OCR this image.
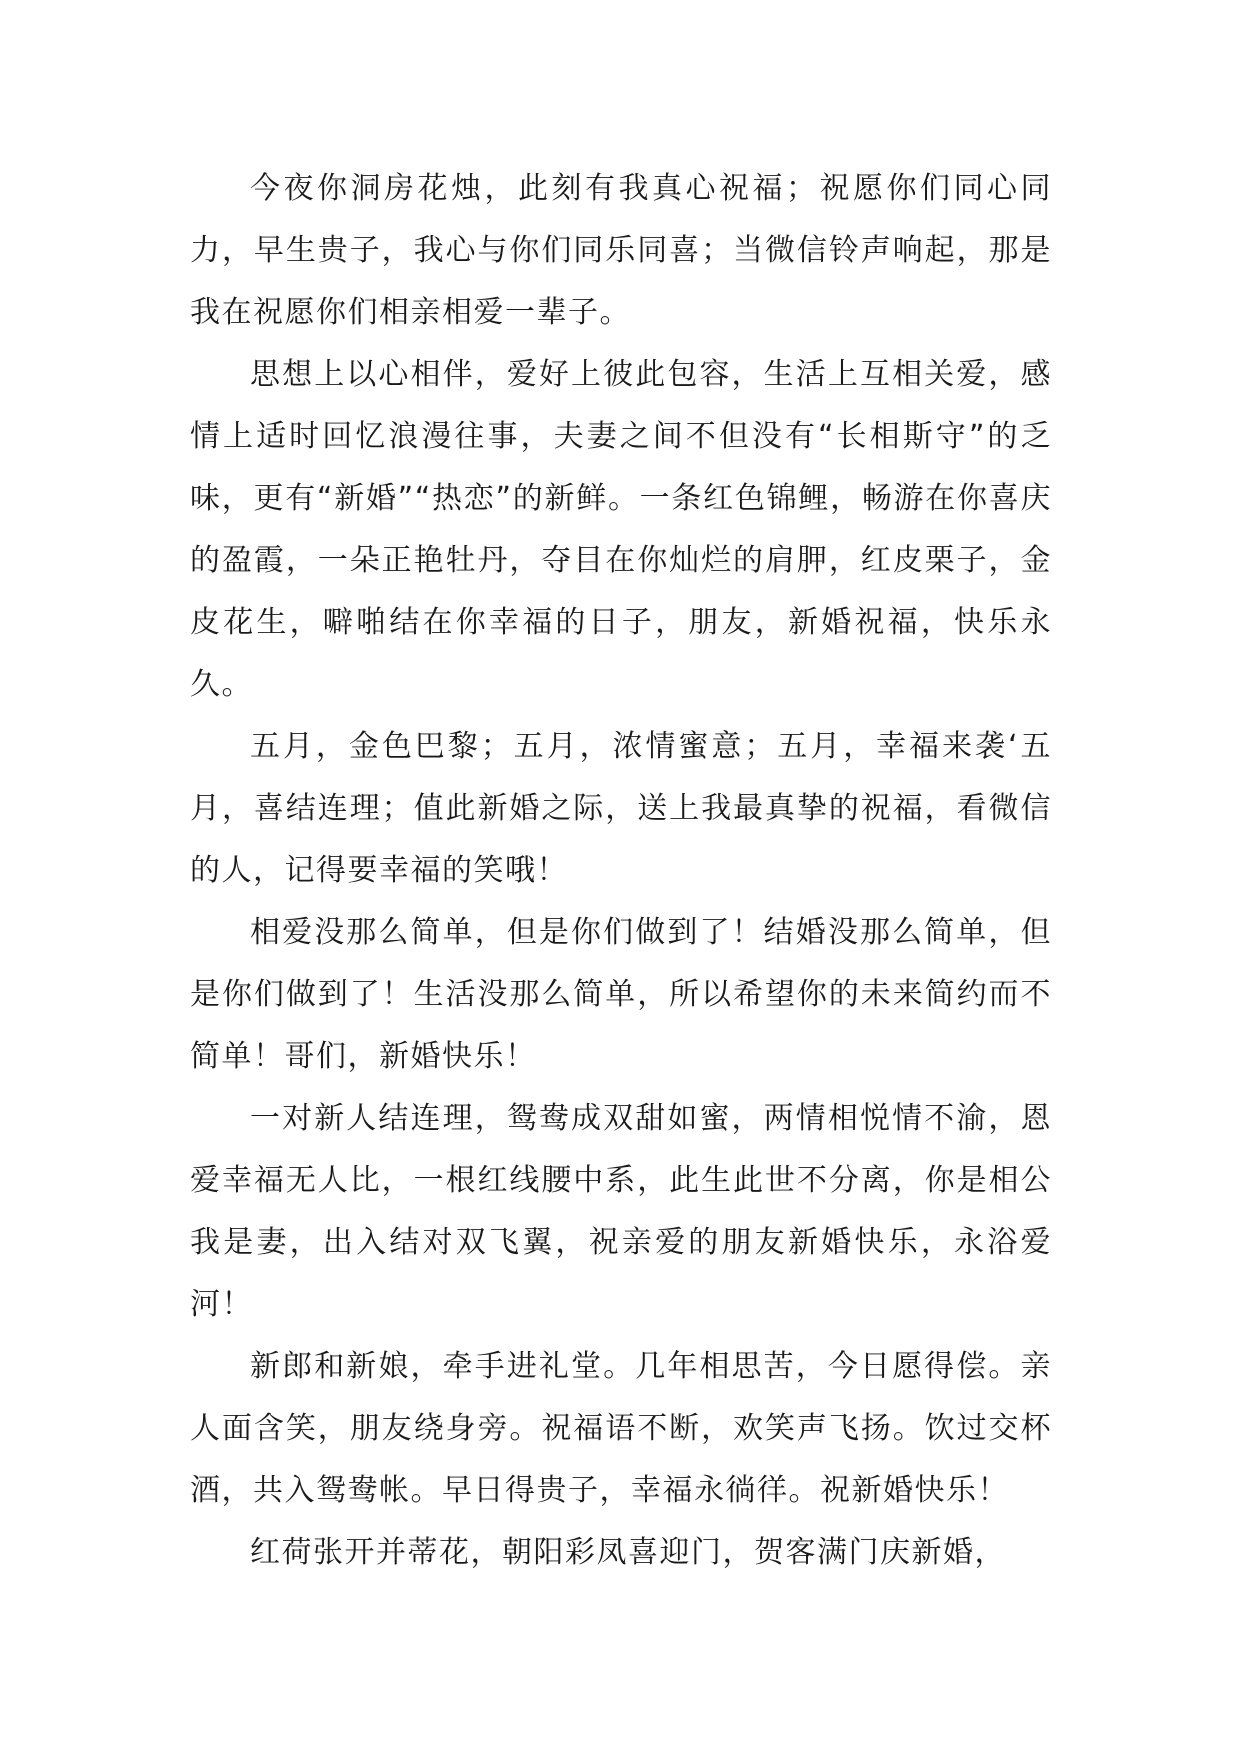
今夜你洞房花烛，此刻有我真心祝福；祝愿你们同心同力，早生贵子，我心与你们同乐同喜；当微信铃声响起，那是我在祝愿你们相亲相爱一辈子。

思想上以心相伴，爱好上彼此包容，生活上互相关爱，感情上适时回忆浪漫往事，夫妻之间不但没有“长相斯守”的乏味，更有“新婚”“热恋”的新鲜。一条红色锦鲤，畅游在你喜庆的盈霞，一朵正艳牡丹，夺目在你灿烂的肩胛，红皮栗子，金皮花生，噼啪结在你幸福的日子，朋友，新婚祝福，快乐永久。

五月，金色巴黎；五月，浓情蜜意；五月，幸福来袭‘五月，喜结连理；值此新婚之际，送上我最真挚的祝福，看微信的人，记得要幸福的笑哦！

相爱没那么简单，但是你们做到了！结婚没那么简单，但是你们做到了！生活没那么简单，所以希望你的未来简约而不简单！哥们，新婚快乐！

一对新人结连理，鸳鸯成双甜如蜜，两情相悦情不渝，恩爱幸福无人比，一根红线腰中系，此生此世不分离，你是相公我是妻，出入结对双飞翼，祝亲爱的朋友新婚快乐，永浴爱河！

新郎和新娘，牵手进礼堂。几年相思苦，今日愿得偿。亲人面含笑，朋友绕身旁。祝福语不断，欢笑声飞扬。饮过交杯酒，共入鸳鸯帐。早日得贵子，幸福永徜徉。祝新婚快乐！

红荷张开并蒂花，朝阳彩凤喜迎门，贺客满门庆新婚，
